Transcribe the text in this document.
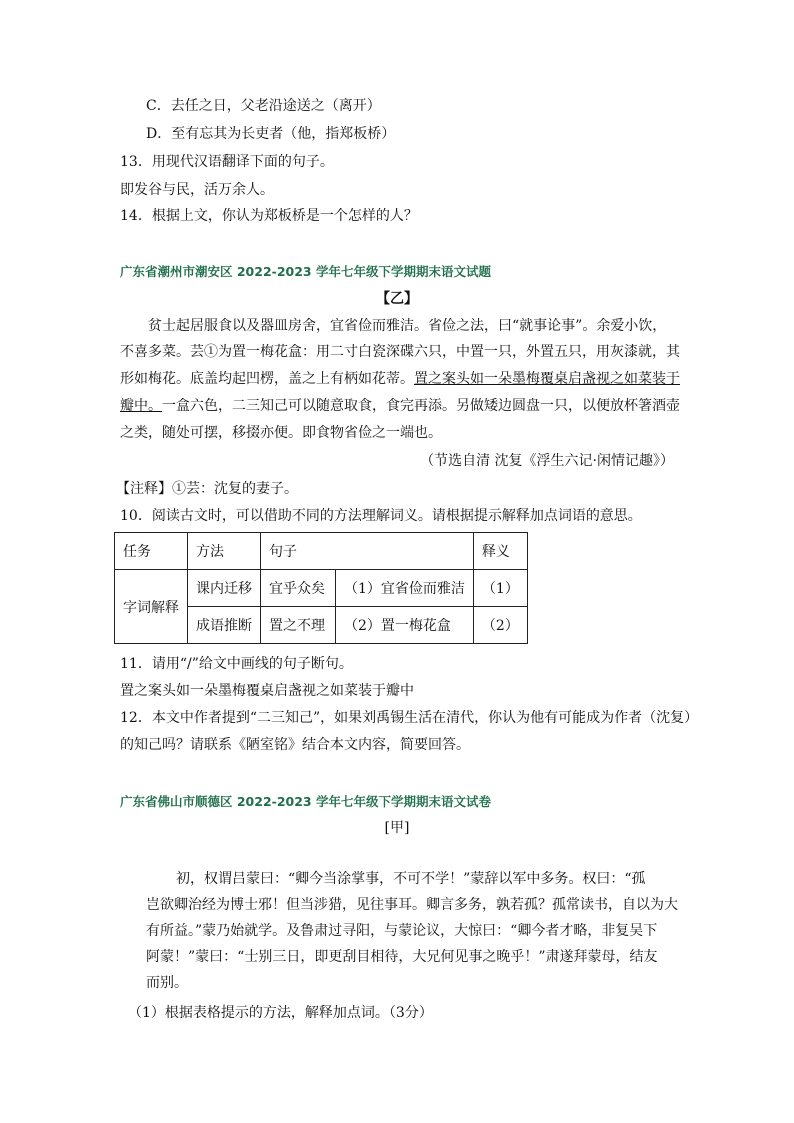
C．去任之日，父老沿途送之（离开）
D．至有忘其为长吏者（他，指郑板桥）
13．用现代汉语翻译下面的句子。
即发谷与民，活万余人。
14．根据上文，你认为郑板桥是一个怎样的人？
广东省潮州市潮安区 2022-2023 学年七年级下学期期末语文试题
【乙】
贫士起居服食以及器皿房舍，宜省俭而雅洁。省俭之法，曰“就事论事”。余爱小饮，
不喜多菜。芸①为置一梅花盒：用二寸白瓷深碟六只，中置一只，外置五只，用灰漆就，其
形如梅花。底盖均起凹楞，盖之上有柄如花蒂。置之案头如一朵墨梅覆桌启盏视之如菜装于
瓣中。一盒六色，二三知己可以随意取食，食完再添。另做矮边圆盘一只，以便放杯箸酒壶
之类，随处可摆，移掇亦便。即食物省俭之一端也。
（节选自清 沈复《浮生六记·闲情记趣》）
【注释】①芸：沈复的妻子。
10．阅读古文时，可以借助不同的方法理解词义。请根据提示解释加点词语的意思。
任务	方法	句子		释义
字词解释	课内迁移	宜乎众矣	（1）宜省俭而雅洁	（1）
	成语推断	置之不理	（2）置一梅花盒	（2）
11．请用“/”给文中画线的句子断句。
置之案头如一朵墨梅覆桌启盏视之如菜装于瓣中
12．本文中作者提到“二三知己”，如果刘禹锡生活在清代，你认为他有可能成为作者（沈复）
的知己吗？请联系《陋室铭》结合本文内容，简要回答。
广东省佛山市顺德区 2022-2023 学年七年级下学期期末语文试卷
[甲]
初，权谓吕蒙曰：“卿今当涂掌事，不可不学！”蒙辞以军中多务。权曰：“孤
岂欲卿治经为博士邪！但当涉猎，见往事耳。卿言多务，孰若孤？孤常读书，自以为大
有所益。”蒙乃始就学。及鲁肃过寻阳，与蒙论议，大惊曰：“卿今者才略，非复吴下
阿蒙！”蒙曰：“士别三日，即更刮目相待，大兄何见事之晚乎！”肃遂拜蒙母，结友
而别。
（1）根据表格提示的方法，解释加点词。（3分）
